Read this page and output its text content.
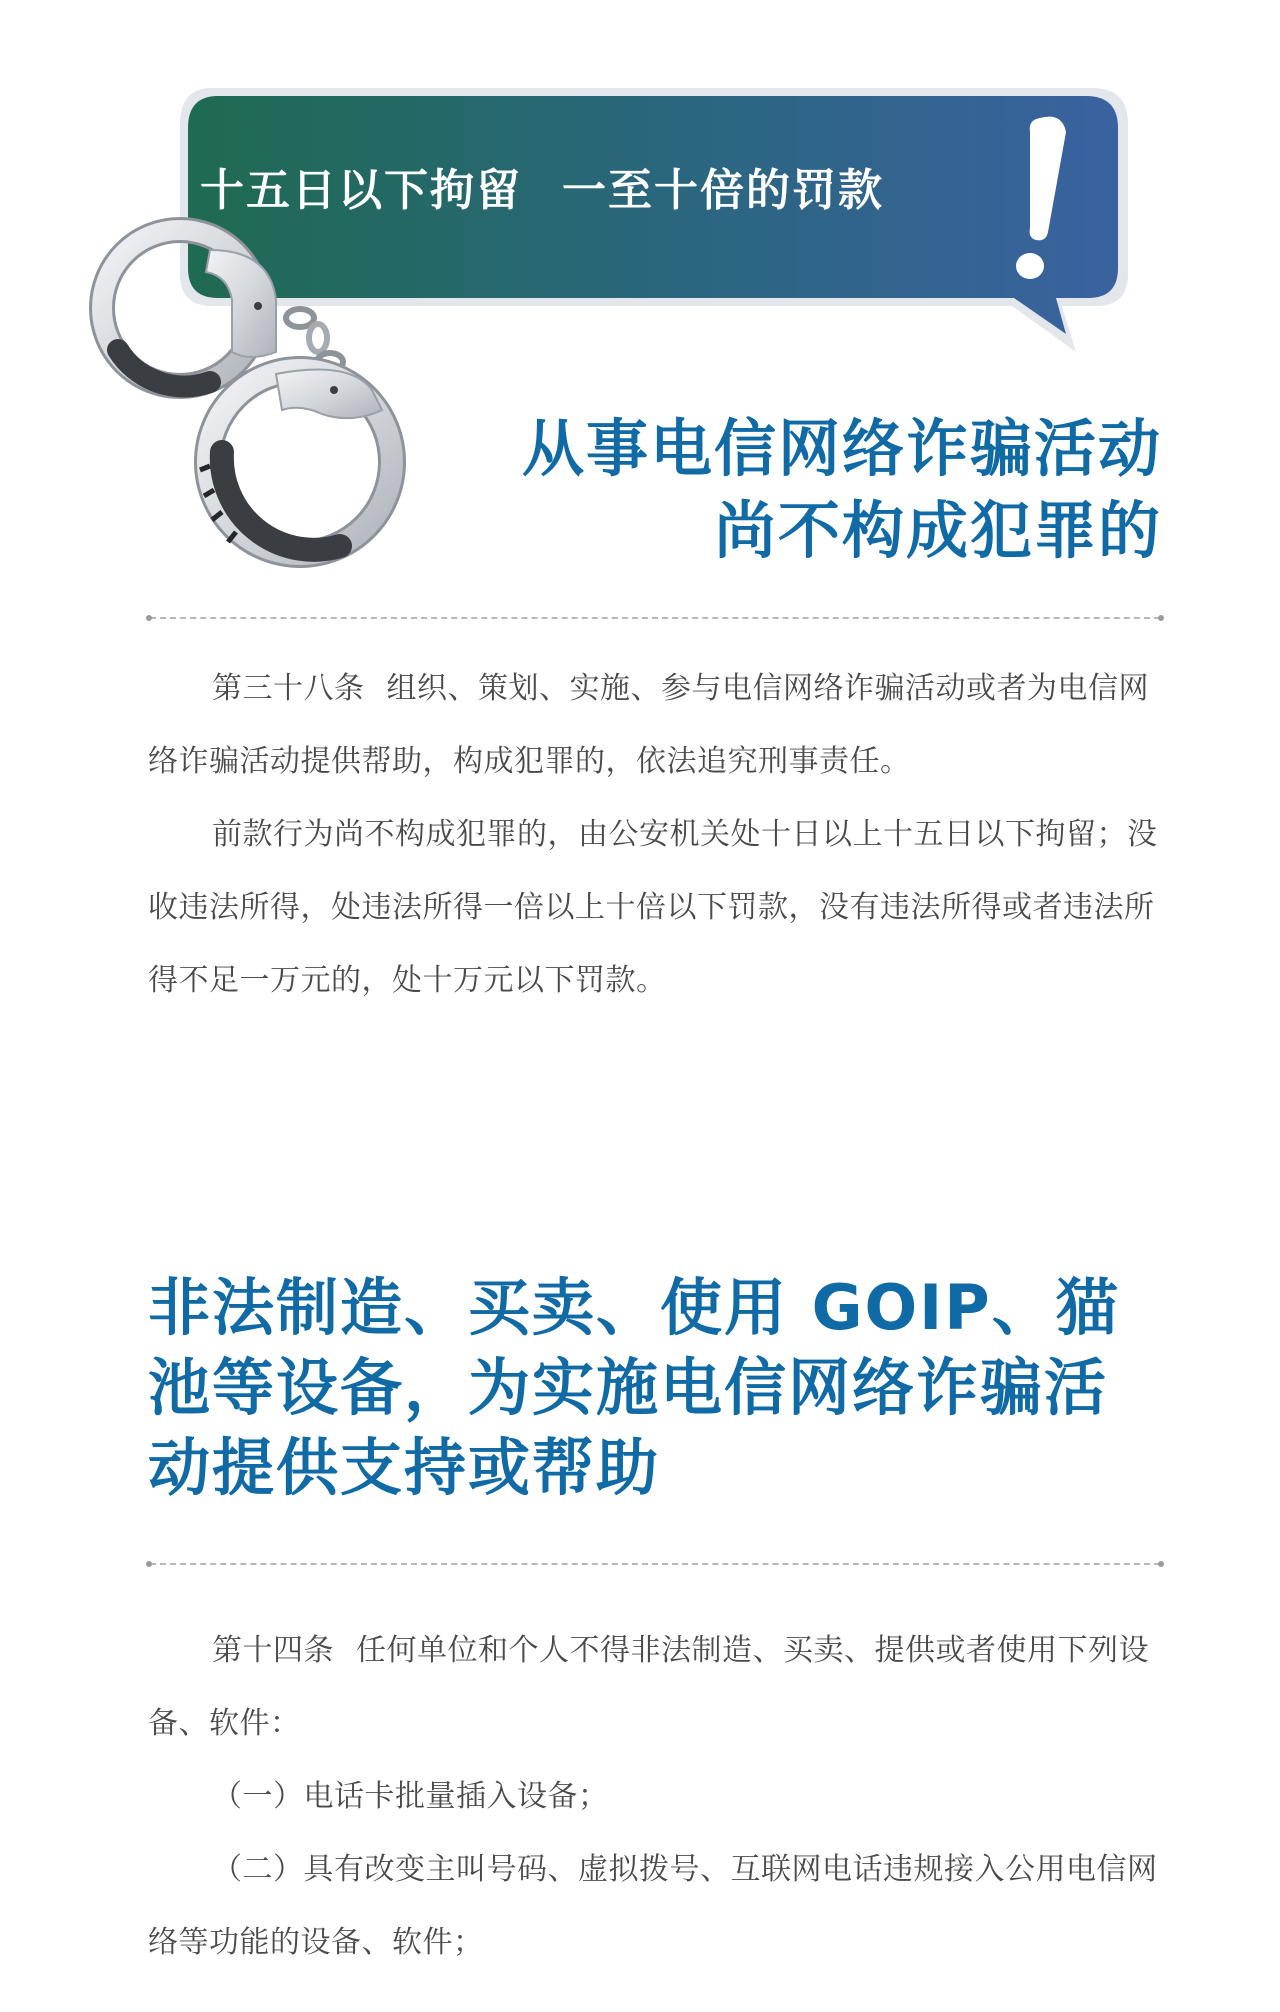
十五日以下拘留 一至十倍的罚款
从事电信网络诈骗活动
尚不构成犯罪的

第三十八条 组织、策划、实施、参与电信网络诈骗活动或者为电信网络诈骗活动提供帮助，构成犯罪的，依法追究刑事责任。

前款行为尚不构成犯罪的，由公安机关处十日以上十五日以下拘留；没收违法所得，处违法所得一倍以上十倍以下罚款，没有违法所得或者违法所得不足一万元的，处十万元以下罚款。

非法制造、买卖、使用 GOIP、猫
池等设备，为实施电信网络诈骗活
动提供支持或帮助

第十四条 任何单位和个人不得非法制造、买卖、提供或者使用下列设备、软件：

（一）电话卡批量插入设备；

（二）具有改变主叫号码、虚拟拨号、互联网电话违规接入公用电信网络等功能的设备、软件；
